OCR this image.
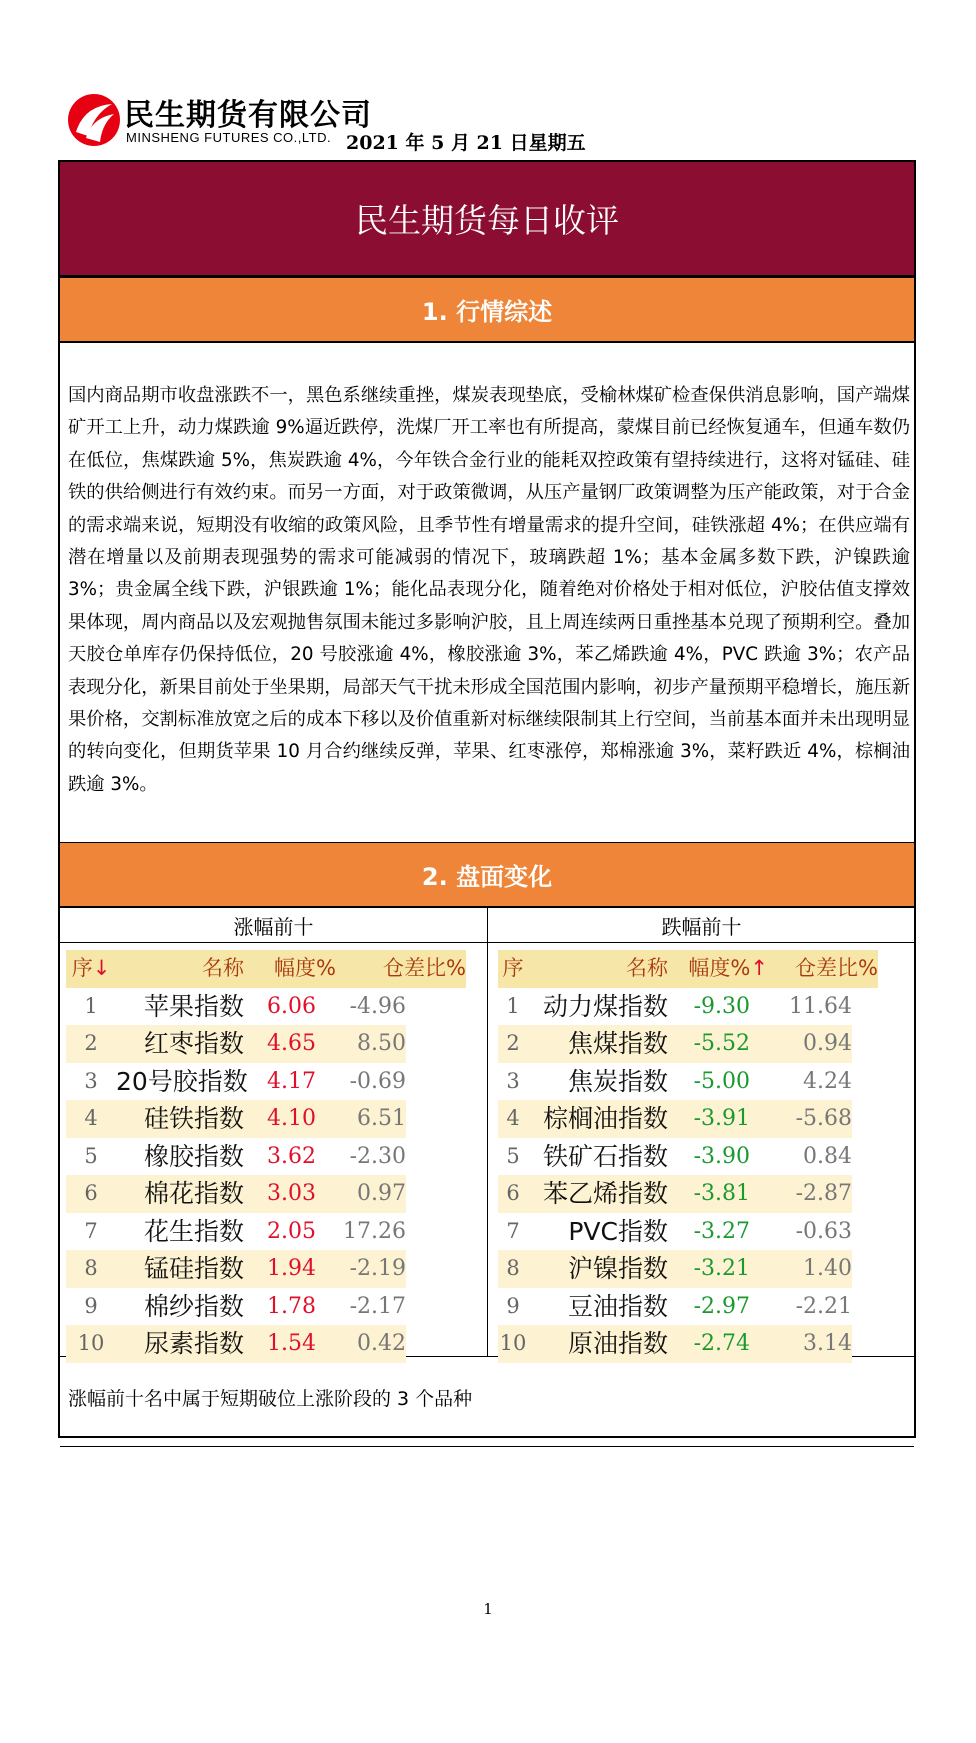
民生期货有限公司
MINSHENG FUTURES CO.,LTD. 2021 年 5 月 21 日星期五
民生期货每日收评
1. 行情综述
国内商品期市收盘涨跌不一，黑色系继续重挫，煤炭表现垫底，受榆林煤矿检查保供消息影响，国产端煤矿开工上升，动力煤跌逾 9%逼近跌停，洗煤厂开工率也有所提高，蒙煤目前已经恢复通车，但通车数仍在低位，焦煤跌逾 5%，焦炭跌逾 4%，今年铁合金行业的能耗双控政策有望持续进行，这将对锰硅、硅铁的供给侧进行有效约束。而另一方面，对于政策微调，从压产量钢厂政策调整为压产能政策，对于合金的需求端来说，短期没有收缩的政策风险，且季节性有增量需求的提升空间，硅铁涨超 4%；在供应端有潜在增量以及前期表现强势的需求可能减弱的情况下，玻璃跌超 1%；基本金属多数下跌，沪镍跌逾 3%；贵金属全线下跌，沪银跌逾 1%；能化品表现分化，随着绝对价格处于相对低位，沪胶估值支撑效果体现，周内商品以及宏观抛售氛围未能过多影响沪胶，且上周连续两日重挫基本兑现了预期利空。叠加天胶仓单库存仍保持低位，20 号胶涨逾 4%，橡胶涨逾 3%，苯乙烯跌逾 4%，PVC 跌逾 3%；农产品表现分化，新果目前处于坐果期，局部天气干扰未形成全国范围内影响，初步产量预期平稳增长，施压新果价格，交割标准放宽之后的成本下移以及价值重新对标继续限制其上行空间，当前基本面并未出现明显的转向变化，但期货苹果 10 月合约继续反弹，苹果、红枣涨停，郑棉涨逾 3%，菜籽跌近 4%，棕榈油跌逾 3%。
2. 盘面变化
涨幅前十	跌幅前十
序↓	名称	幅度%	仓差比%
1	苹果指数	6.06	-4.96
2	红枣指数	4.65	8.50
3 20号胶指数 4.17	-0.69
4	硅铁指数	4.10	6.51
5	橡胶指数	3.62	-2.30
6	棉花指数	3.03	0.97
7	花生指数	2.05	17.26
8	锰硅指数	1.94	-2.19
9	棉纱指数	1.78	-2.17
10	尿素指数	1.54	0.42
序	名称 幅度%↑	仓差比%
1 动力煤指数	-9.30	11.64
2	焦煤指数	-5.52	0.94
3	焦炭指数	-5.00	4.24
4 棕榈油指数	-3.91	-5.68
5 铁矿石指数	-3.90	0.84
6 苯乙烯指数	-3.81	-2.87
7	PVC指数	-3.27	-0.63
8	沪镍指数	-3.21	1.40
9	豆油指数	-2.97	-2.21
10	原油指数	-2.74	3.14
涨幅前十名中属于短期破位上涨阶段的 3 个品种
1
